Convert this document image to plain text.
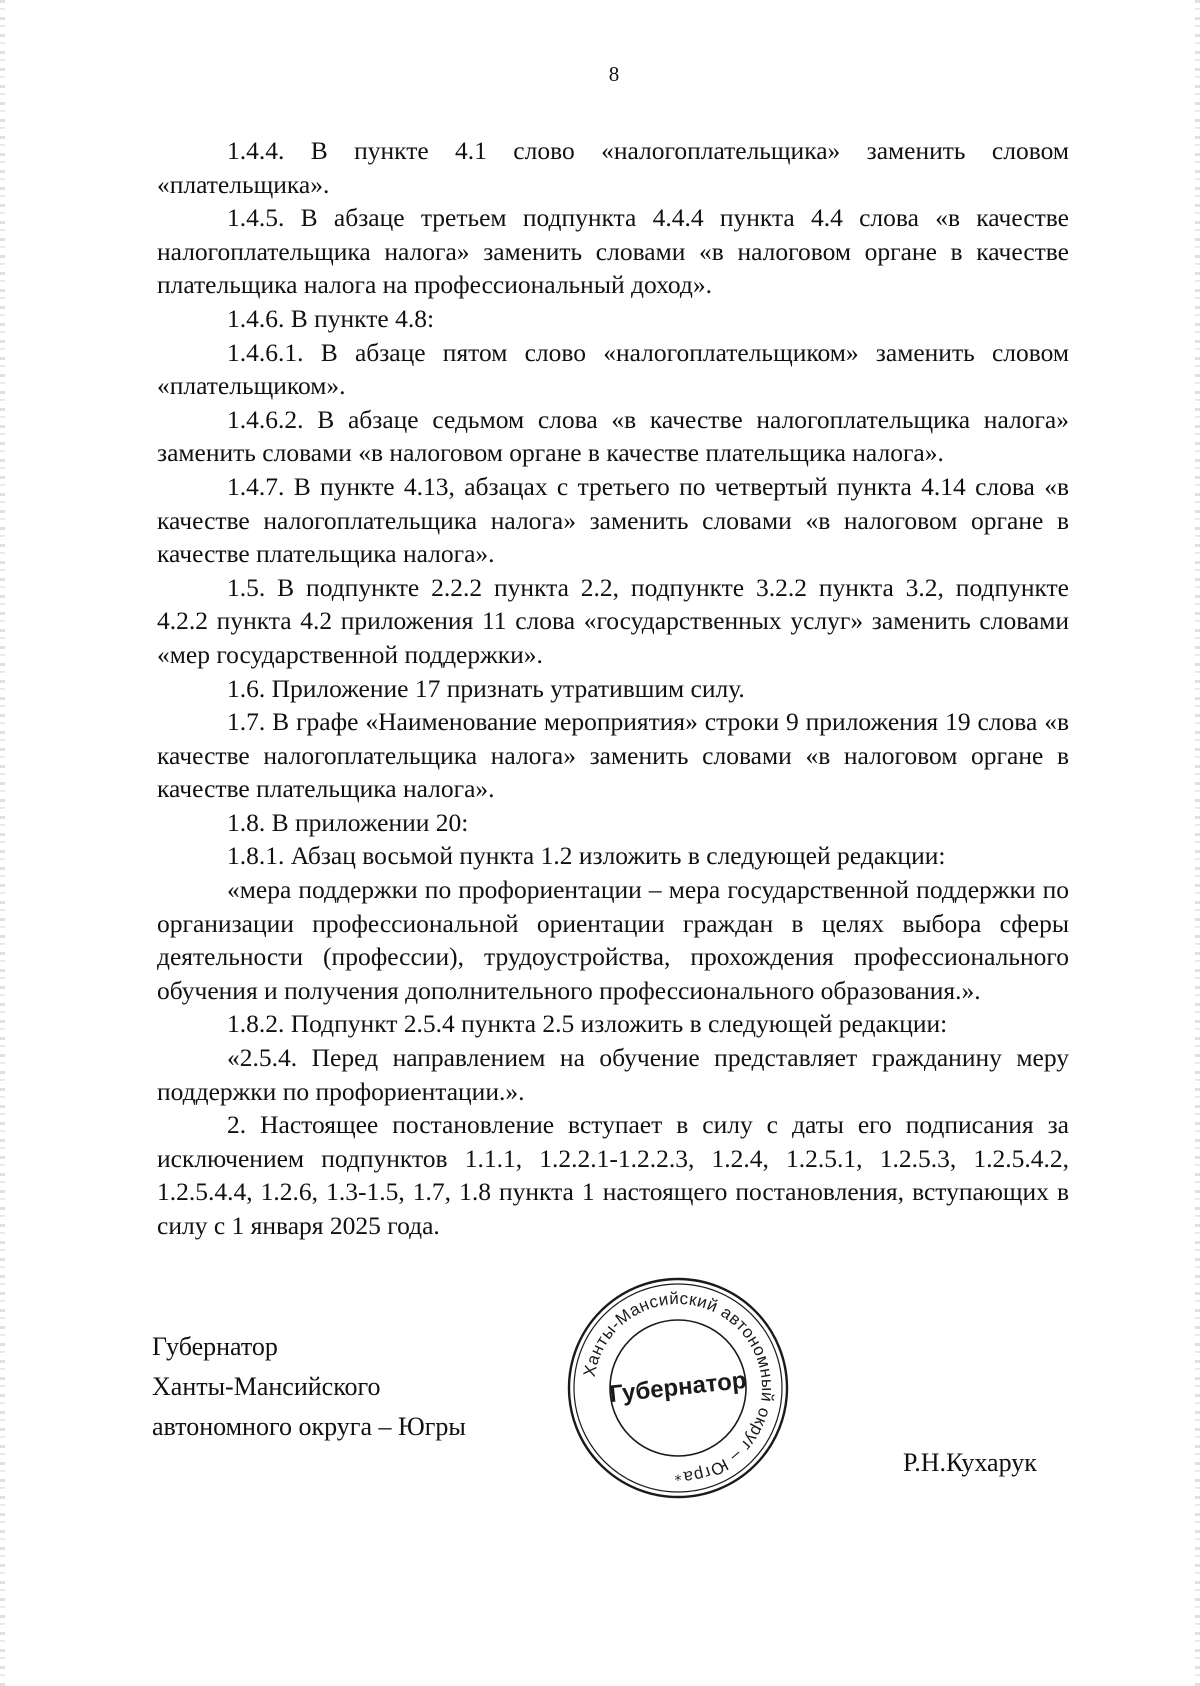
8

1.4.4. В пункте 4.1 слово «налогоплательщика» заменить словом «плательщика».

1.4.5. В абзаце третьем подпункта 4.4.4 пункта 4.4 слова «в качестве налогоплательщика налога» заменить словами «в налоговом органе в качестве плательщика налога на профессиональный доход».

1.4.6. В пункте 4.8:

1.4.6.1. В абзаце пятом слово «налогоплательщиком» заменить словом «плательщиком».

1.4.6.2. В абзаце седьмом слова «в качестве налогоплательщика налога» заменить словами «в налоговом органе в качестве плательщика налога».

1.4.7. В пункте 4.13, абзацах с третьего по четвертый пункта 4.14 слова «в качестве налогоплательщика налога» заменить словами «в налоговом органе в качестве плательщика налога».

1.5. В подпункте 2.2.2 пункта 2.2, подпункте 3.2.2 пункта 3.2, подпункте 4.2.2 пункта 4.2 приложения 11 слова «государственных услуг» заменить словами «мер государственной поддержки».

1.6. Приложение 17 признать утратившим силу.

1.7. В графе «Наименование мероприятия» строки 9 приложения 19 слова «в качестве налогоплательщика налога» заменить словами «в налоговом органе в качестве плательщика налога».

1.8. В приложении 20:

1.8.1. Абзац восьмой пункта 1.2 изложить в следующей редакции:

«мера поддержки по профориентации – мера государственной поддержки по организации профессиональной ориентации граждан в целях выбора сферы деятельности (профессии), трудоустройства, прохождения профессионального обучения и получения дополнительного профессионального образования.».

1.8.2. Подпункт 2.5.4 пункта 2.5 изложить в следующей редакции:

«2.5.4. Перед направлением на обучение представляет гражданину меру поддержки по профориентации.».

2. Настоящее постановление вступает в силу с даты его подписания за исключением подпунктов 1.1.1, 1.2.2.1-1.2.2.3, 1.2.4, 1.2.5.1, 1.2.5.3, 1.2.5.4.2, 1.2.5.4.4, 1.2.6, 1.3-1.5, 1.7, 1.8 пункта 1 настоящего постановления, вступающих в силу с 1 января 2025 года.

Губернатор
Ханты-Мансийского
автономного округа – Югры
Ханты-Мансийский автономный округ – Югра
Губернатор
*
Р.Н.Кухарук
